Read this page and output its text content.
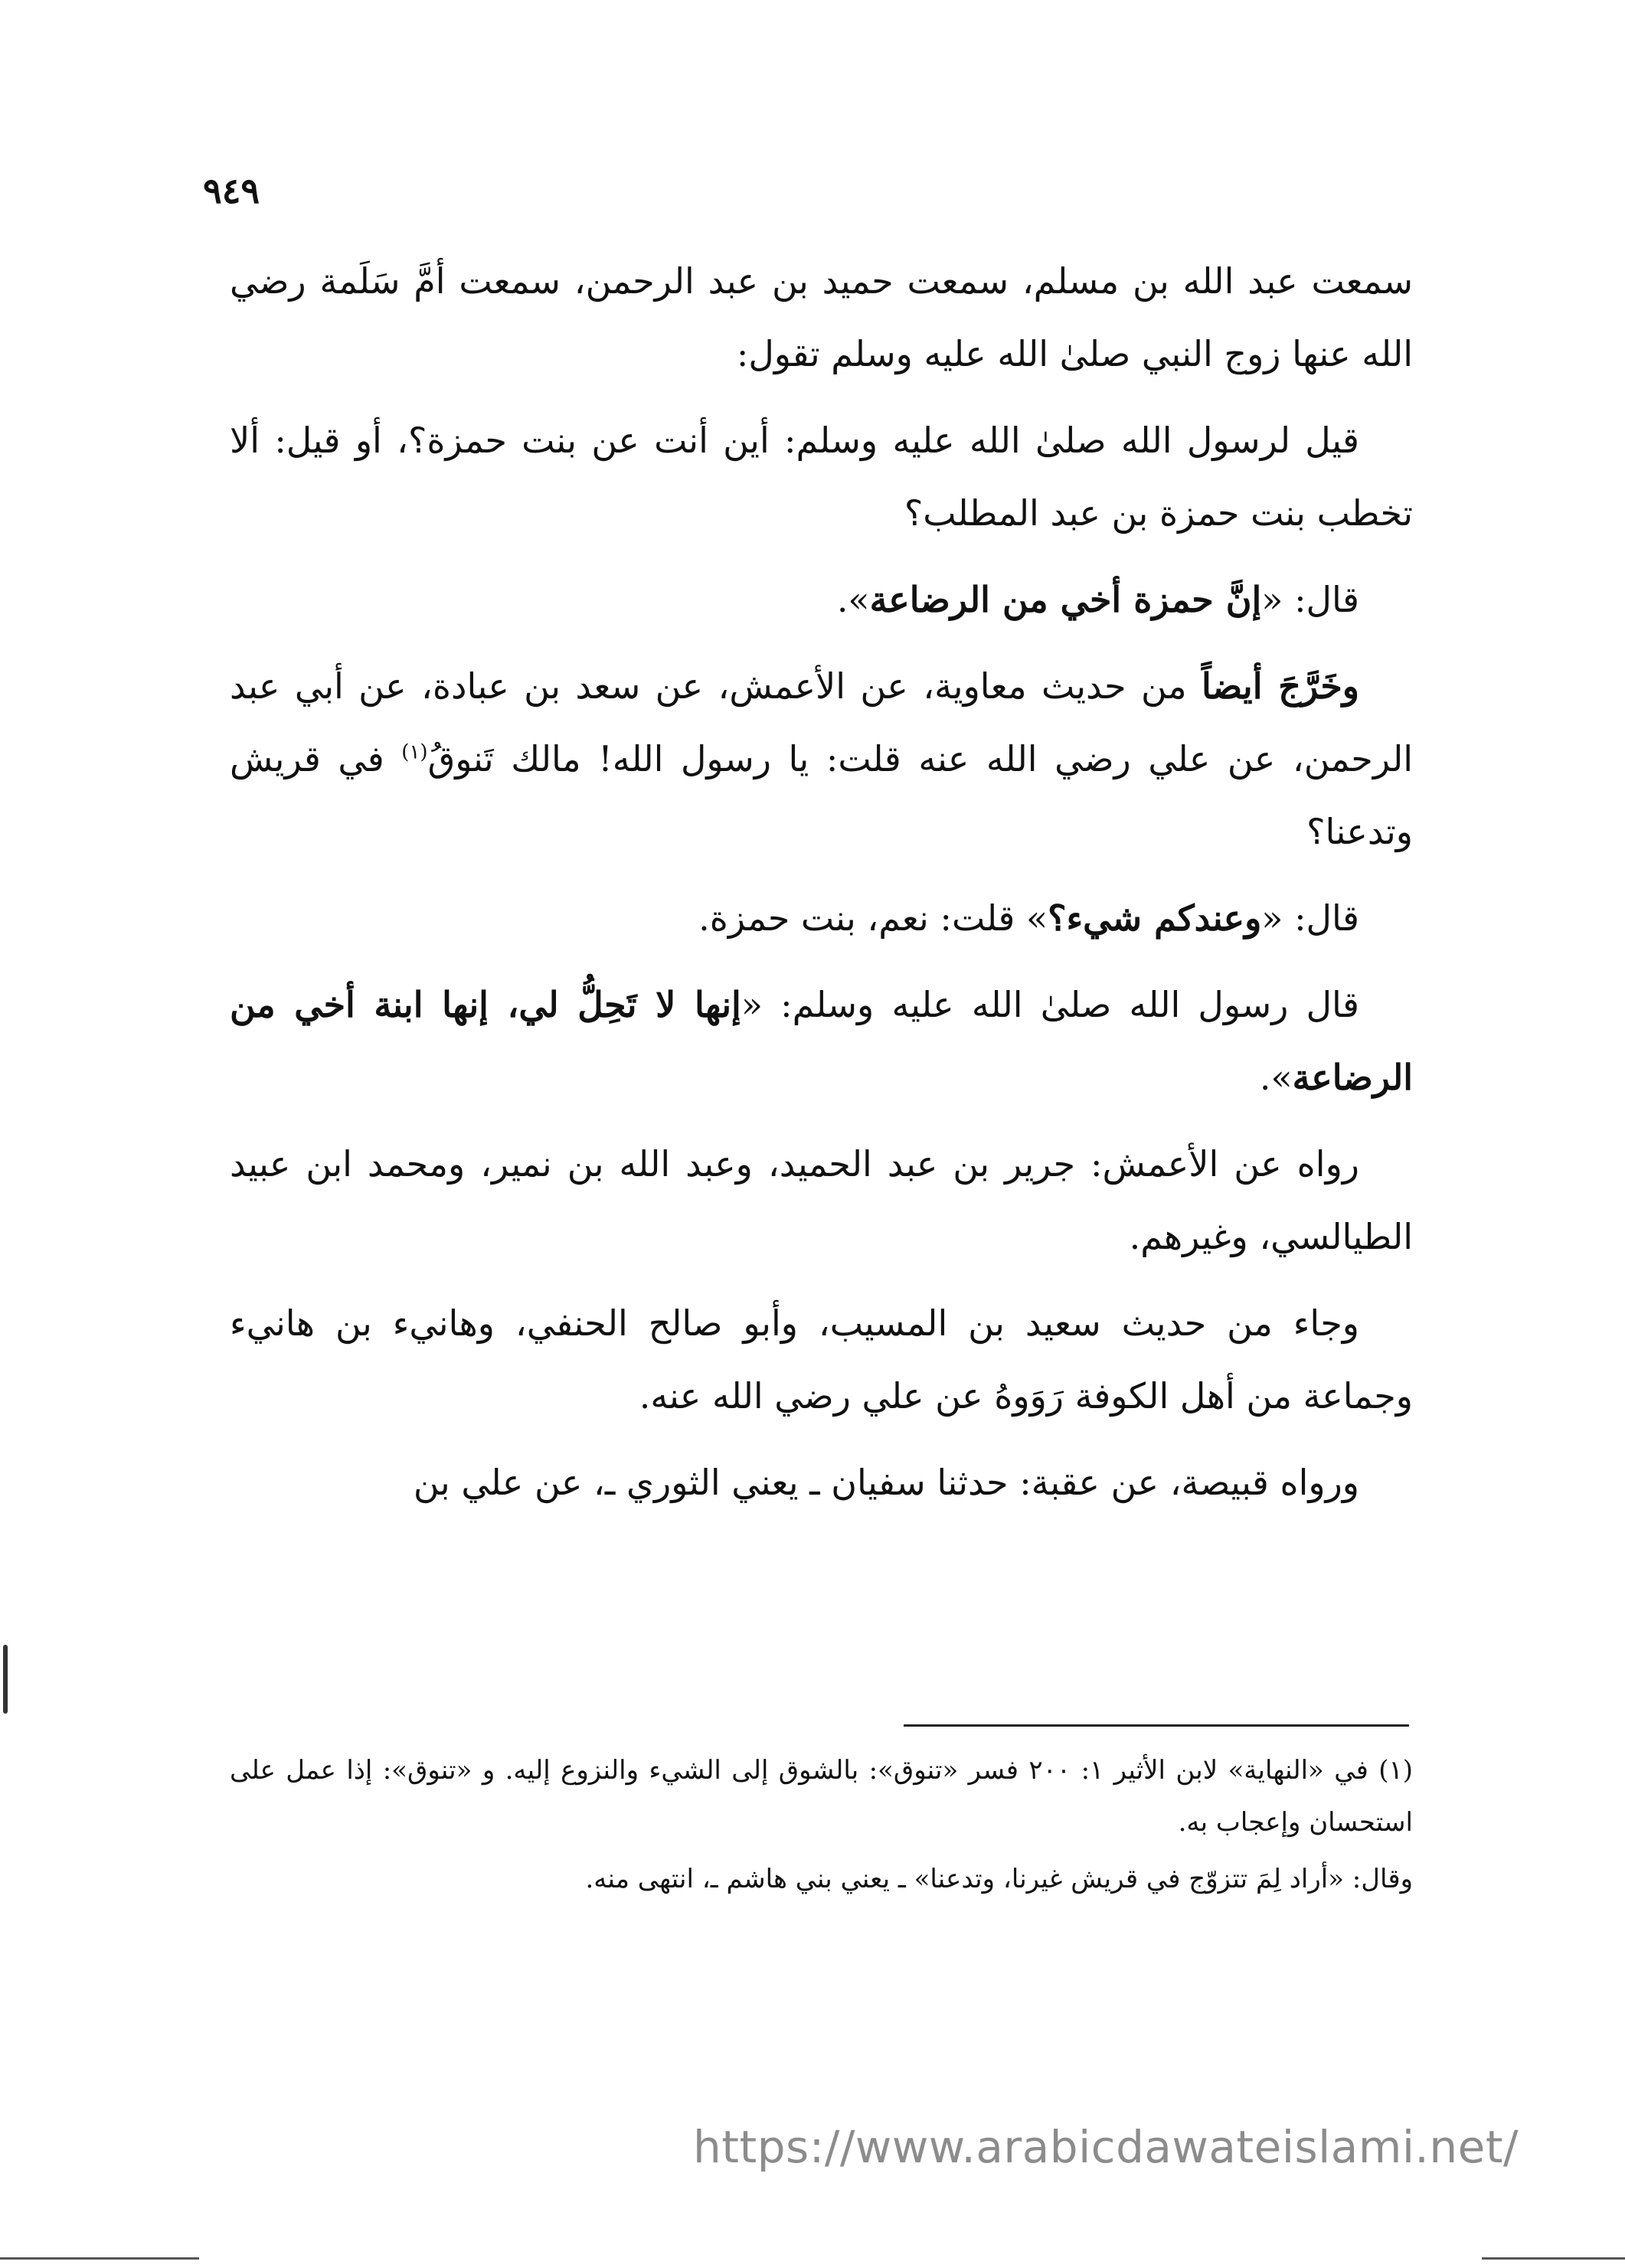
٩٤٩

سمعت عبد الله بن مسلم، سمعت حميد بن عبد الرحمن، سمعت أمَّ سَلَمة رضي الله عنها زوج النبي صلىٰ الله عليه وسلم تقول:

قيل لرسول الله صلىٰ الله عليه وسلم: أين أنت عن بنت حمزة؟، أو قيل: ألا تخطب بنت حمزة بن عبد المطلب؟

قال: «إنَّ حمزة أخي من الرضاعة».

وخَرَّجَ أيضاً من حديث معاوية، عن الأعمش، عن سعد بن عبادة، عن أبي عبد الرحمن، عن علي رضي الله عنه قلت: يا رسول الله! مالك تَنوقُ$^{(١)}$ في قريش وتدعنا؟

قال: «وعندكم شيء؟» قلت: نعم، بنت حمزة.

قال رسول الله صلىٰ الله عليه وسلم: «إنها لا تَحِلُّ لي، إنها ابنة أخي من الرضاعة».

رواه عن الأعمش: جرير بن عبد الحميد، وعبد الله بن نمير، ومحمد ابن عبيد الطيالسي، وغيرهم.

وجاء من حديث سعيد بن المسيب، وأبو صالح الحنفي، وهانيء بن هانيء وجماعة من أهل الكوفة رَوَوهُ عن علي رضي الله عنه.

ورواه قبيصة، عن عقبة: حدثنا سفيان ـ يعني الثوري ـ، عن علي بن

(١) في «النهاية» لابن الأثير ١: ٢٠٠ فسر «تنوق»: بالشوق إلى الشيء والنزوع إليه. و «تنوق»: إذا عمل على استحسان وإعجاب به.

وقال: «أراد لِمَ تتزوّج في قريش غيرنا، وتدعنا» ـ يعني بني هاشم ـ، انتهى منه.

https://www.arabicdawateislami.net/
